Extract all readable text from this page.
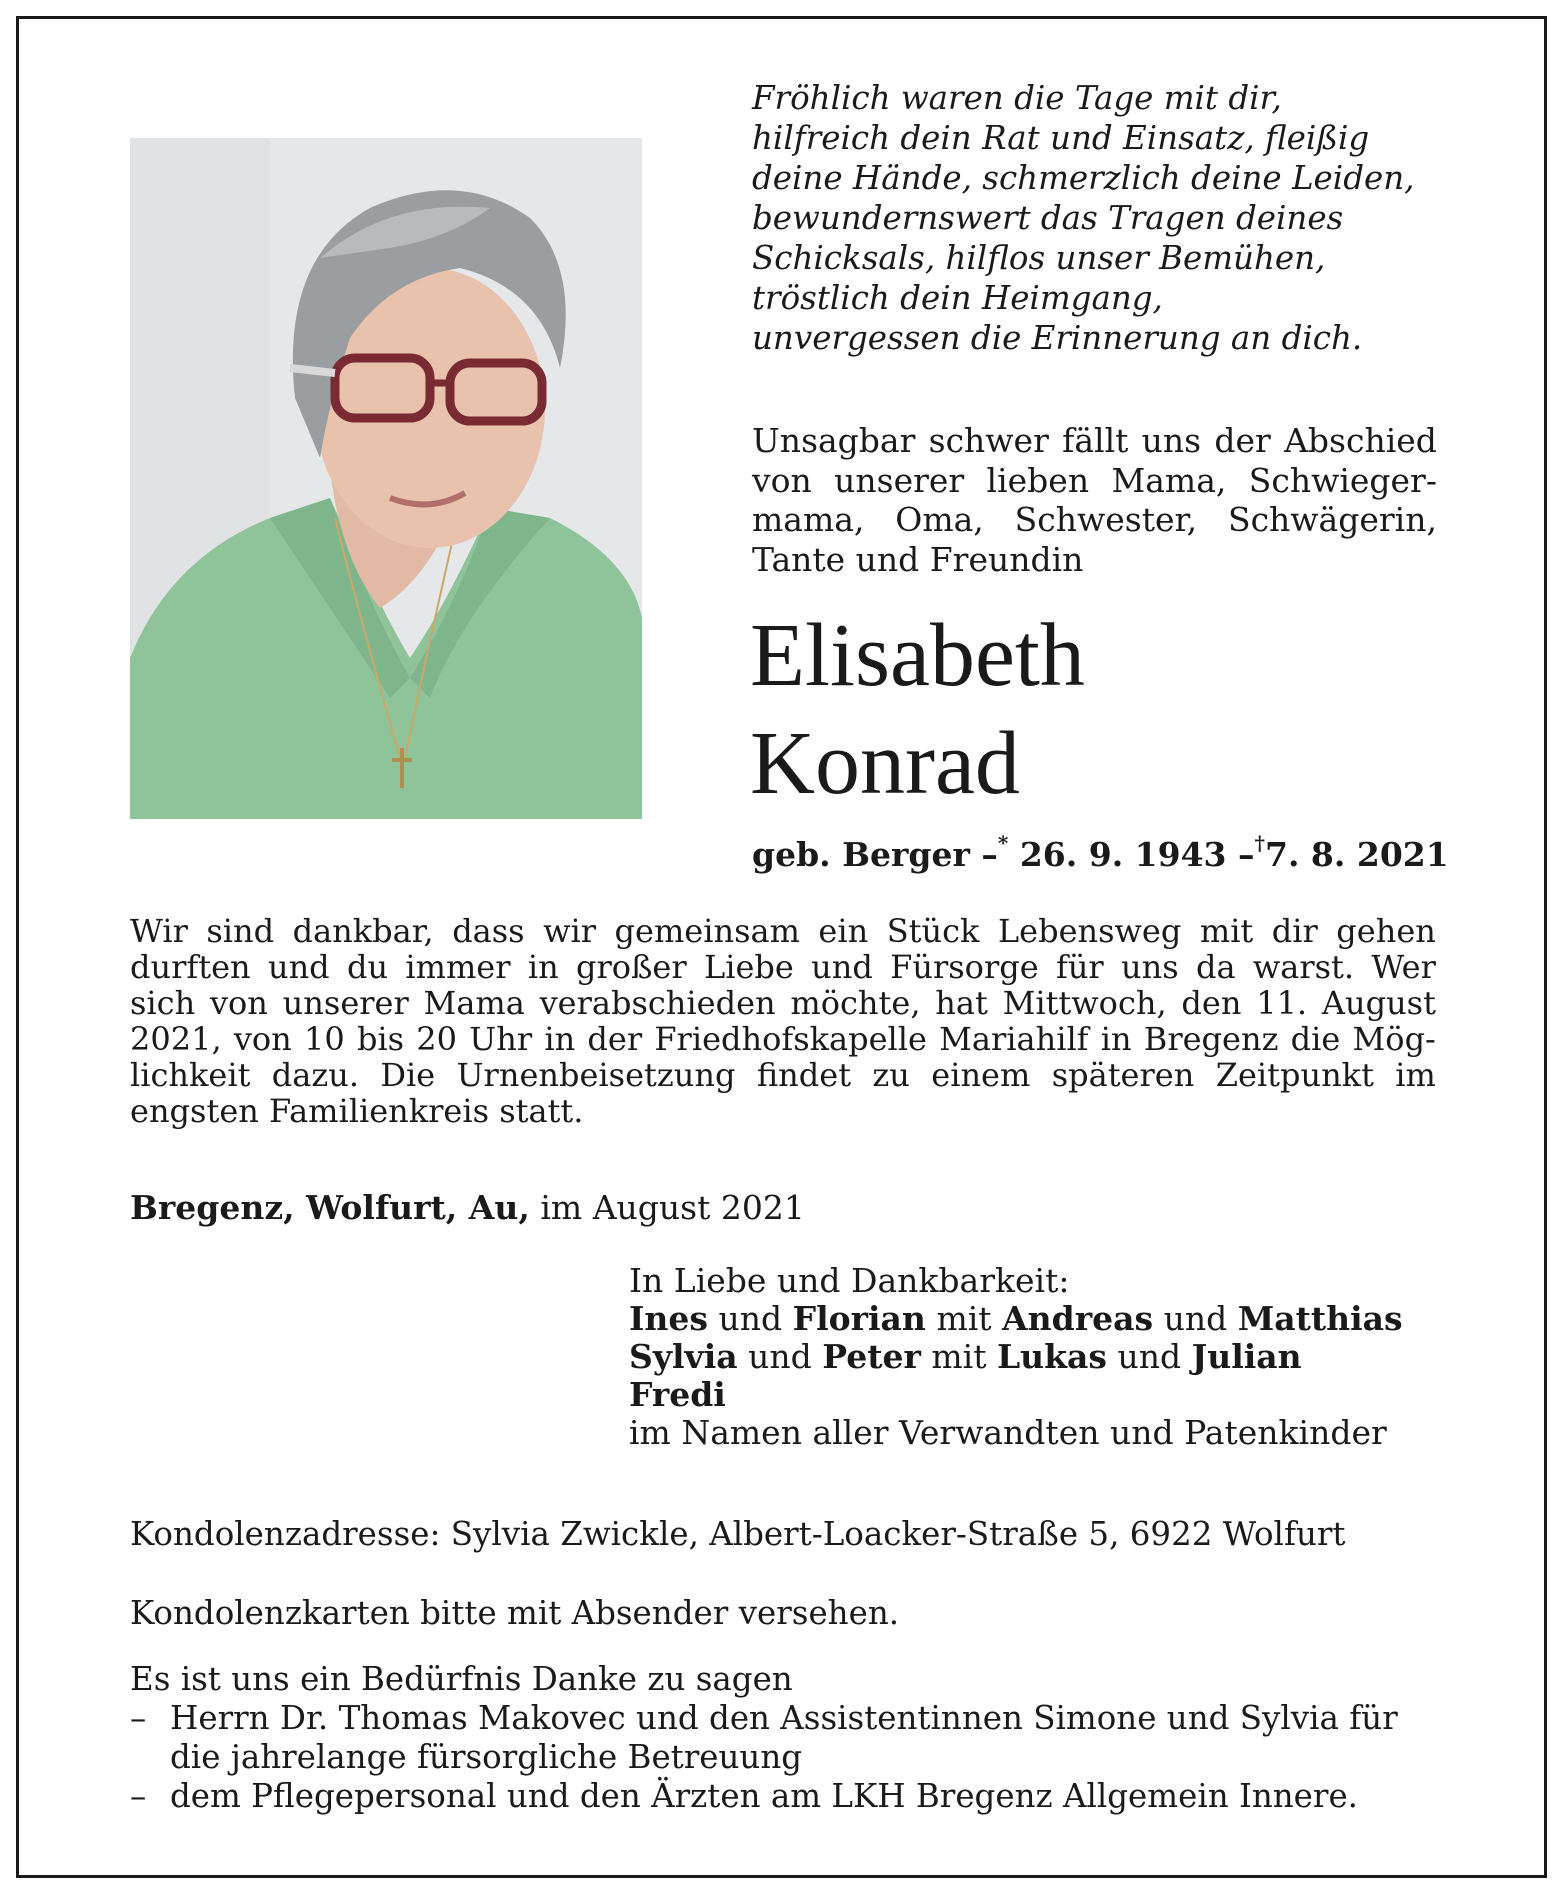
Fröhlich waren die Tage mit dir,
hilfreich dein Rat und Einsatz, fleißig
deine Hände, schmerzlich deine Leiden,
bewundernswert das Tragen deines
Schicksals, hilflos unser Bemühen,
tröstlich dein Heimgang,
unvergessen die Erinnerung an dich.
Unsagbar schwer fällt uns der Abschied
von unserer lieben Mama, Schwieger-
mama, Oma, Schwester, Schwägerin,
Tante und Freundin
Elisabeth
Konrad
geb. Berger –* 26. 9. 1943 –†7. 8. 2021
Wir sind dankbar, dass wir gemeinsam ein Stück Lebensweg mit dir gehen
durften und du immer in großer Liebe und Fürsorge für uns da warst. Wer
sich von unserer Mama verabschieden möchte, hat Mittwoch, den 11. August
2021, von 10 bis 20 Uhr in der Friedhofskapelle Mariahilf in Bregenz die Mög-
lichkeit dazu. Die Urnenbeisetzung findet zu einem späteren Zeitpunkt im
engsten Familienkreis statt.
Bregenz, Wolfurt, Au, im August 2021
In Liebe und Dankbarkeit:
Ines und Florian mit Andreas und Matthias
Sylvia und Peter mit Lukas und Julian
Fredi
im Namen aller Verwandten und Patenkinder
Kondolenzadresse: Sylvia Zwickle, Albert-Loacker-Straße 5, 6922 Wolfurt
Kondolenzkarten bitte mit Absender versehen.
Es ist uns ein Bedürfnis Danke zu sagen
– Herrn Dr. Thomas Makovec und den Assistentinnen Simone und Sylvia für
die jahrelange fürsorgliche Betreuung
– dem Pflegepersonal und den Ärzten am LKH Bregenz Allgemein Innere.
